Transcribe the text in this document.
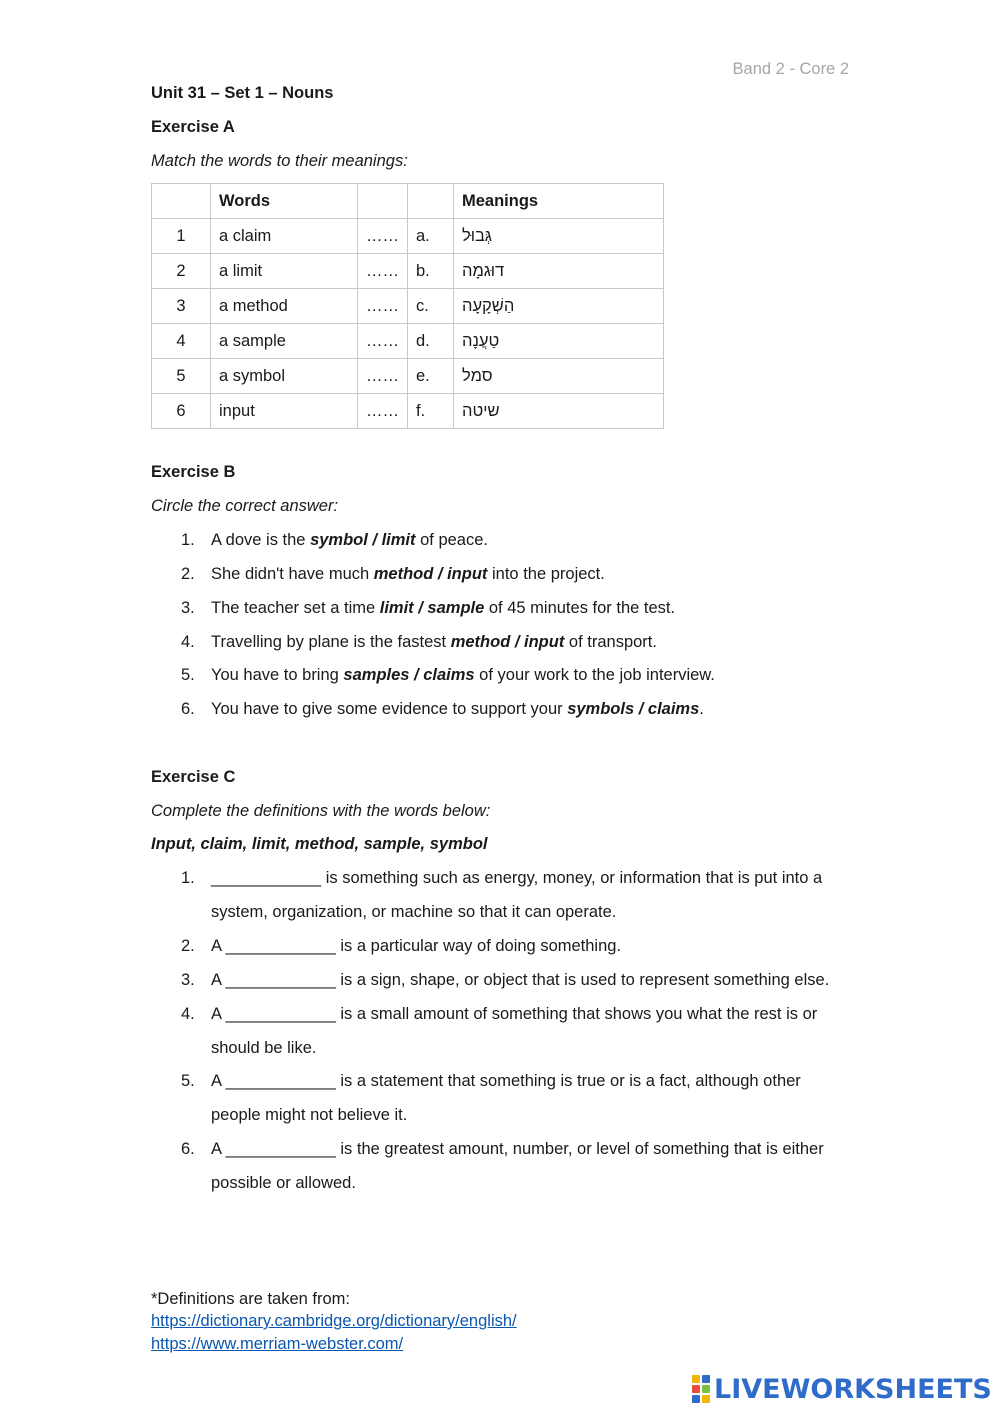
Band 2 - Core 2
Unit 31 – Set 1 – Nouns
Exercise A
Match the words to their meanings:
	Words			Meanings
1	a claim	……	a.	גְּבוּל
2	a limit	……	b.	דוּגמָה
3	a method	……	c.	הַשְׁקָעָה
4	a sample	……	d.	טַעֲנָה
5	a symbol	……	e.	סמל
6	input	……	f.	שיטה
Exercise B
Circle the correct answer:
1. A dove is the symbol / limit of peace.
2. She didn't have much method / input into the project.
3. The teacher set a time limit / sample of 45 minutes for the test.
4. Travelling by plane is the fastest method / input of transport.
5. You have to bring samples / claims of your work to the job interview.
6. You have to give some evidence to support your symbols / claims.
Exercise C
Complete the definitions with the words below:
Input, claim, limit, method, sample, symbol
1. ____________ is something such as energy, money, or information that is put into a
system, organization, or machine so that it can operate.
2. A ____________ is a particular way of doing something.
3. A ____________ is a sign, shape, or object that is used to represent something else.
4. A ____________ is a small amount of something that shows you what the rest is or
should be like.
5. A ____________ is a statement that something is true or is a fact, although other
people might not believe it.
6. A ____________ is the greatest amount, number, or level of something that is either
possible or allowed.
*Definitions are taken from:
https://dictionary.cambridge.org/dictionary/english/
https://www.merriam-webster.com/
LIVEWORKSHEETS
